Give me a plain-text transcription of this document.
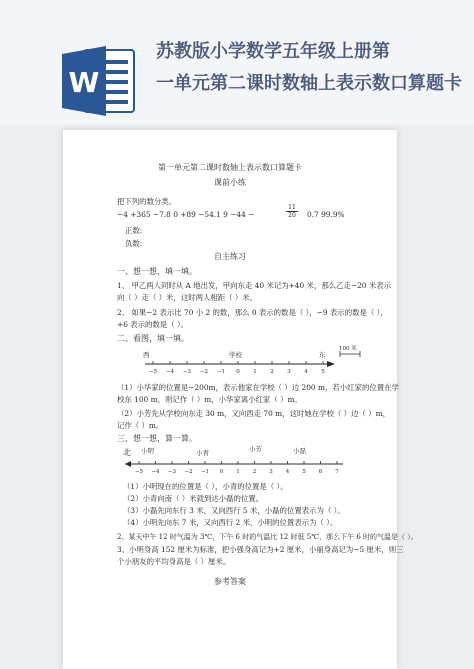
W
苏教版小学数学五年级上册第
一单元第二课时数轴上表示数口算题卡
第一单元第二课时数轴上表示数口算题卡
课前小练
把下列的数分类。
−4 +365 −7.8 0 +89 −54.1 9 −44 −	$\frac{11}{20} 0.7$ 99.9%
正数:
负数:
自主练习
一、想一想，填一填。
1、 甲乙两人同时从 A 地出发，甲向东走 40 米记为+40 米，那么乙走−20 米表示
向（ ）走（ ）米，这时两人相距（ ）米。
2、 如果−2 表示比 70 小 2 的数，那么 0 表示的数是（ ），−9 表示的数是（ ），
+6 表示的数是（ ）。
二、看图，填一填。
西	学校	东
100 米
−5 −4 −3 −2 −1 0 1 2 3 4 5
（1）小华家的位置是−200m，表示他家在学校（ ）边 200 m，若小红家的位置在学
校东 100 m，则记作（ ）m，小华家离小红家（ ）m。
（2）小芳先从学校向东走 30 m，又向西走 70 m，这时她在学校（ ）边（ ）m，
记作（ ）m。
三、想一想，算一算。
北 小明	小青	小芳	小磊
−5 −4 −3 −2 −1 0 1 2 3 4 5 6 7
（1）小明现在的位置是（ ），小青的位置是（ ）。
（2）小青向南（ ）米就到达小磊的位置。
（3）小磊先向东行 3 米，又向西行 5 米，小磊的位置表示为（ ）。
（4）小明先向东 7 米，又向西行 2 米，小明的位置表示为（ ）。
2、某天中午 12 时气温为 3℃，下午 6 时的气温比 12 时低 5℃，那么下午 6 时的气温是（ ）。
3、小明身高 152 厘米为标准，把小强身高记为+2 厘米，小丽身高记为−5 厘米，则三
个小朋友的平均身高是（ ）厘米。
参考答案
